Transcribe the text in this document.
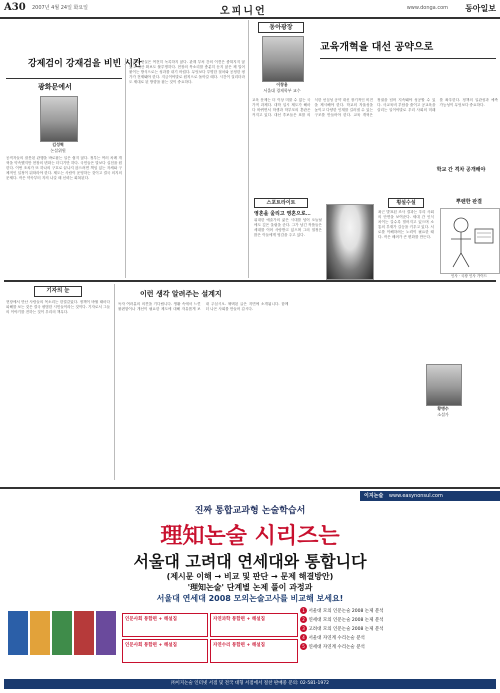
A30 2007년 4월 24일 화요일	오피니언	www.donga.com 동아일보
강제검이 강재검을 비빈 시간
광화문에서
김성혁
논설위원
공직자들의 잘못된 관행을 바로잡는 일은 쉽지 않다. 정부는 여러 차례 개혁을 약속했지만 현장의 변화는 더디기만 하다. 국민들은 말보다 실천을 원한다. 이번 조치가 또 하나의 구호로 끝나지 않으려면 책임 있는 자세와 구체적인 일정이 뒤따라야 한다. 제도는 사람이 운영하는 것이고 결국 의지의 문제다. 작은 약속부터 지켜 나갈 때 신뢰는 회복된다.
그러나 현실은 여전히 녹록하지 않다. 관계 부처 간의 이견은 좁혀지지 않았고 예산 확보도 불투명하다. 현장의 목소리를 충분히 듣지 않은 채 밀어붙이는 방식으로는 성과를 내기 어렵다. 무엇보다 투명한 절차와 공정한 평가가 전제돼야 한다. 지금이야말로 원칙으로 돌아갈 때다. 시간이 걸리더라도 제대로 된 방향을 잡는 것이 중요하다.
동아광장
이창용
서울대 경제학부 교수
교육개혁을 대선 공약으로
교육 문제는 더 이상 미룰 수 없는 국가적 과제다. 대학 입시 제도가 해마다 바뀌면서 학생과 학부모의 혼란은 커지고 있다. 대선 후보들은 표를 의식한 선심성 공약 대신 장기적인 비전을 제시해야 한다. 학교의 자율성을 높이고 다양한 인재를 길러낼 수 있는 구조를 만들어야 한다. 교육 개혁은 정권을 넘어 지속돼야 성공할 수 있다. 사교육비 부담을 줄이고 공교육을 살리는 일이야말로 우리 사회의 미래를 좌우한다. 정책의 일관성과 예측 가능성이 무엇보다 중요하다.
학교 간 격차 공개해야
스포트라이트
영혼을 울리고 영혼으로…
위대한 예술가의 삶은 시대를 넘어 오늘날에도 깊은 울림을 준다. 그가 남긴 작품들은 세대를 이어 사랑받고 있으며 그의 열정은 많은 이들에게 영감을 주고 있다.
횡설수설
최근 발표된 조사 결과는 우리 사회의 단면을 보여준다. 세대 간 인식 차이는 갈수록 벌어지고 있으며 소통의 부재가 갈등을 키우고 있다. 서로를 이해하려는 노력이 필요한 때다. 작은 배려가 큰 변화를 만든다.
뿌렌한 판결
인사 · 국장 인사 가이드
기자의 눈
현장에서 만난 사람들의 목소리는 한결같았다. 정책이 바뀔 때마다 피해를 보는 것은 결국 평범한 시민들이라는 것이다. 기자로서 그들의 이야기를 전하는 것이 우리의 책무다.
이런 생각 알려주는 설계지
독자 여러분의 의견을 기다립니다. 생활 속에서 느낀 불편함이나 개선이 필요한 제도에 대해 자유롭게 보내 주십시오. 채택된 글은 지면에 소개됩니다. 함께 더 나은 사회를 만들어 갑시다.
황병수
소설가
이지논술 www.easynonsul.com
진짜 통합교과형 논술학습서
理知논술 시리즈는
서울대 고려대 연세대와 통합니다
(제시문 이해 → 비교 및 판단 → 문제 해결방안)
'理知논술' 단계별 논제 풀이 과정과
서울대 연세대 2008 모의논술고사를 비교해 보세요!
1 서울대 모의 인문논술 2008 논제 분석
2 연세대 모의 인문논술 2008 논제 분석
3 고려대 모의 인문논술 2008 논제 분석
4 서울대 자연계 수리논술 분석
5 연세대 자연계 수리논술 분석
인문사회 통합편 + 해설집
인문사회 통합편 + 해설집
자연과학 통합편 + 해설집
자연수리 통합편 + 해설집
㈜이지논술 인터넷 서점 및 전국 대형 서점에서 절찬 판매중 문의: 02-581-1972
